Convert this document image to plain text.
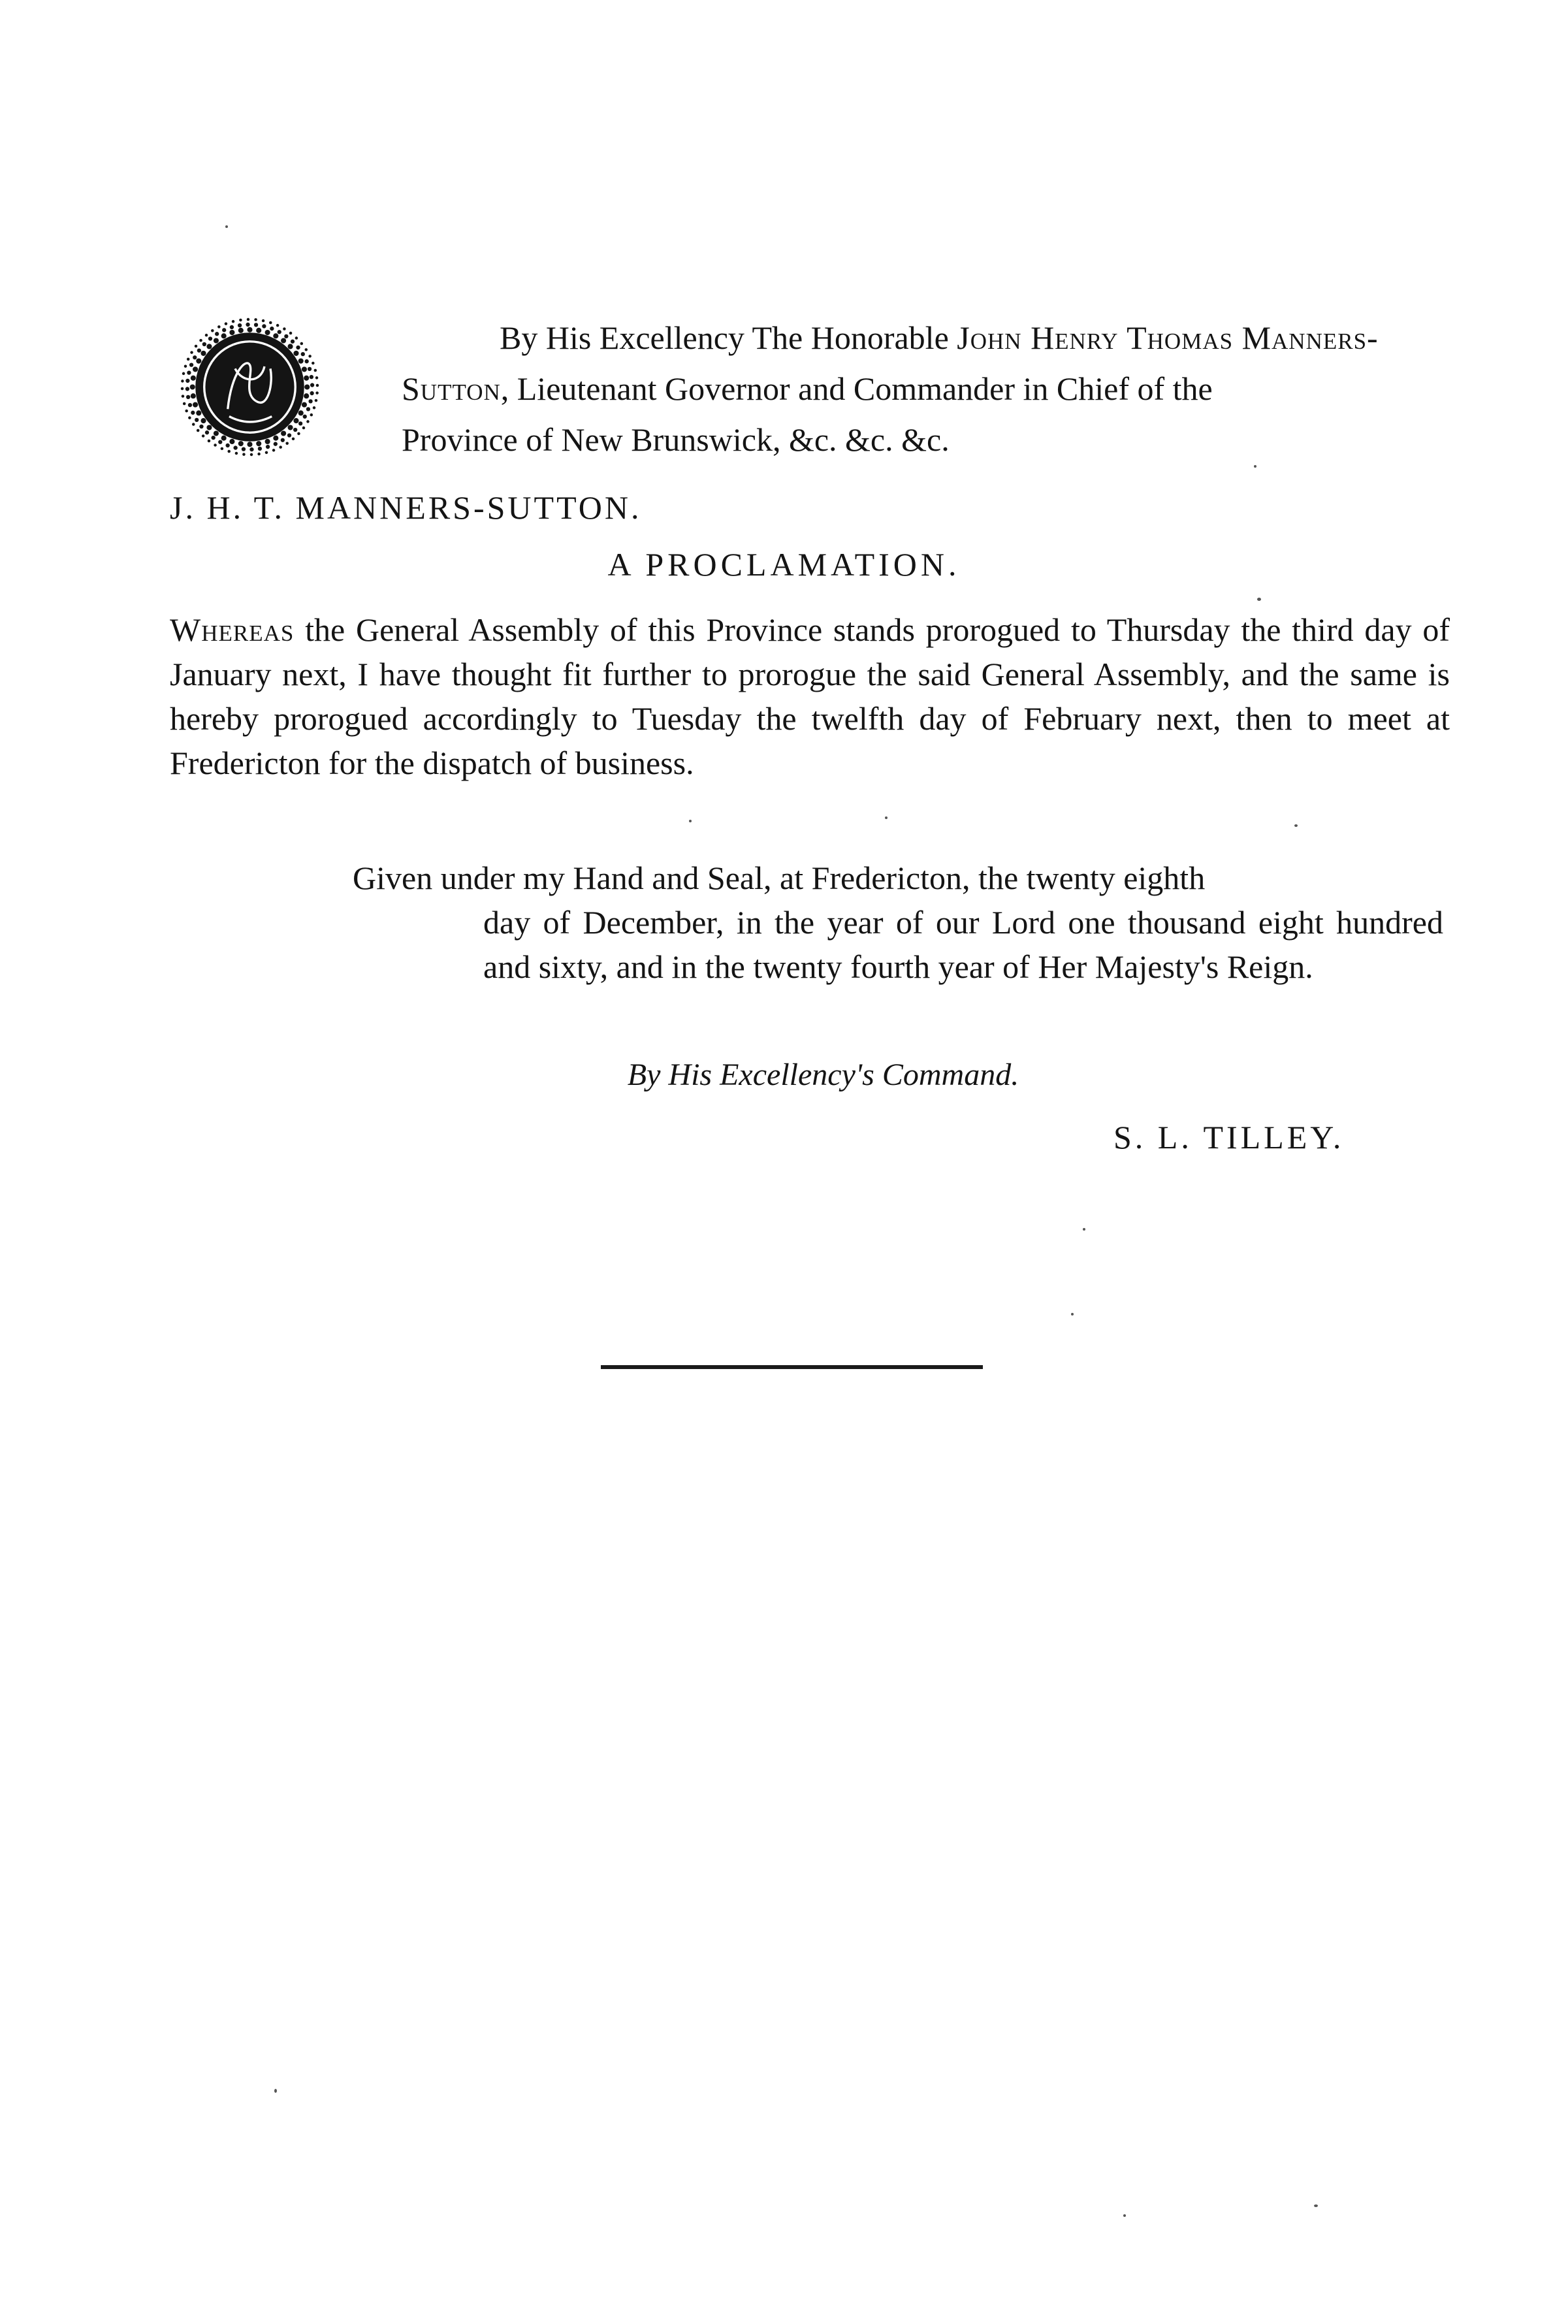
By His Excellency The Honorable John Henry Thomas Manners-
Sutton, Lieutenant Governor and Commander in Chief of the
Province of New Brunswick, &c. &c. &c.
J. H. T. MANNERS-SUTTON.
A PROCLAMATION.
Whereas the General Assembly of this Province stands prorogued to Thursday the third day of January next, I have thought fit further to prorogue the said General Assembly, and the same is hereby prorogued accordingly to Tuesday the twelfth day of February next, then to meet at Fredericton for the dispatch of business.
Given under my Hand and Seal, at Fredericton, the twenty eighth
day of December, in the year of our Lord one thousand eight hundred and sixty, and in the twenty fourth year of Her Majesty's Reign.
By His Excellency's Command.
S. L. TILLEY.
